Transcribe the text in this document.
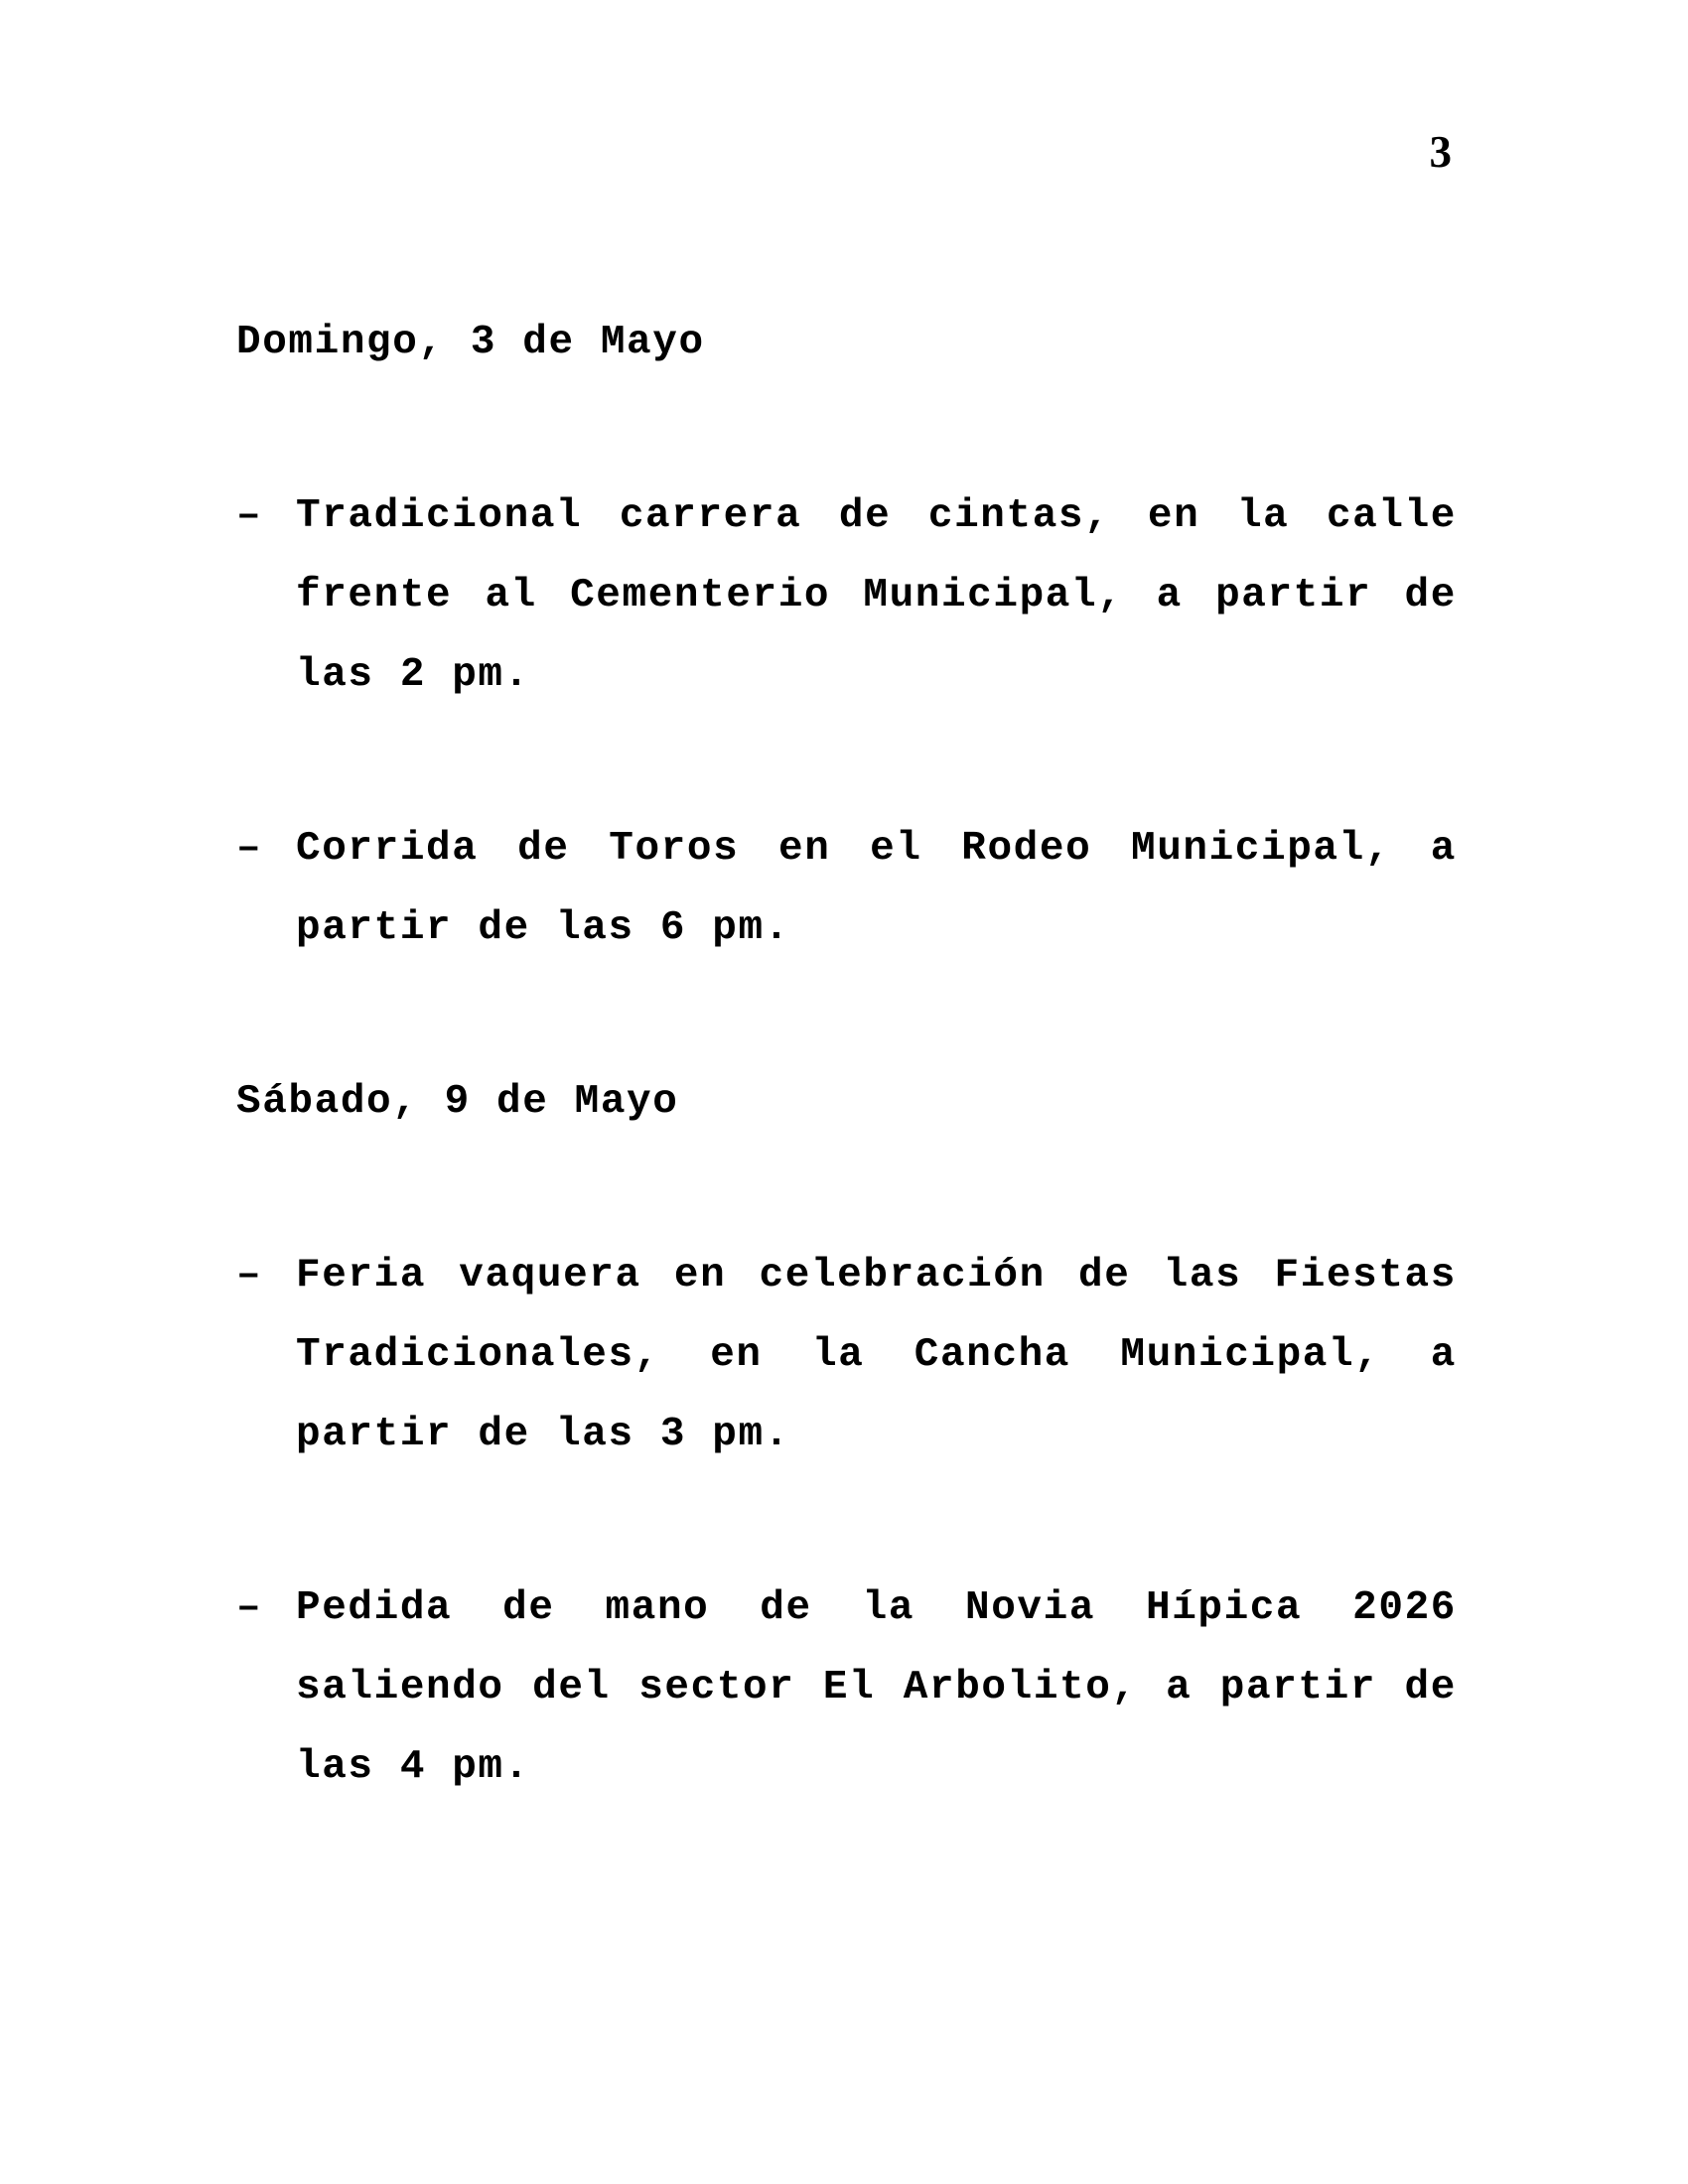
3
Domingo, 3 de Mayo
– Tradicional carrera de cintas, en la calle
frente al Cementerio Municipal, a partir de
las 2 pm.
– Corrida de Toros en el Rodeo Municipal, a
partir de las 6 pm.
Sábado, 9 de Mayo
– Feria vaquera en celebración de las Fiestas
Tradicionales, en la Cancha Municipal, a
partir de las 3 pm.
– Pedida de mano de la Novia Hípica 2026
saliendo del sector El Arbolito, a partir de
las 4 pm.
